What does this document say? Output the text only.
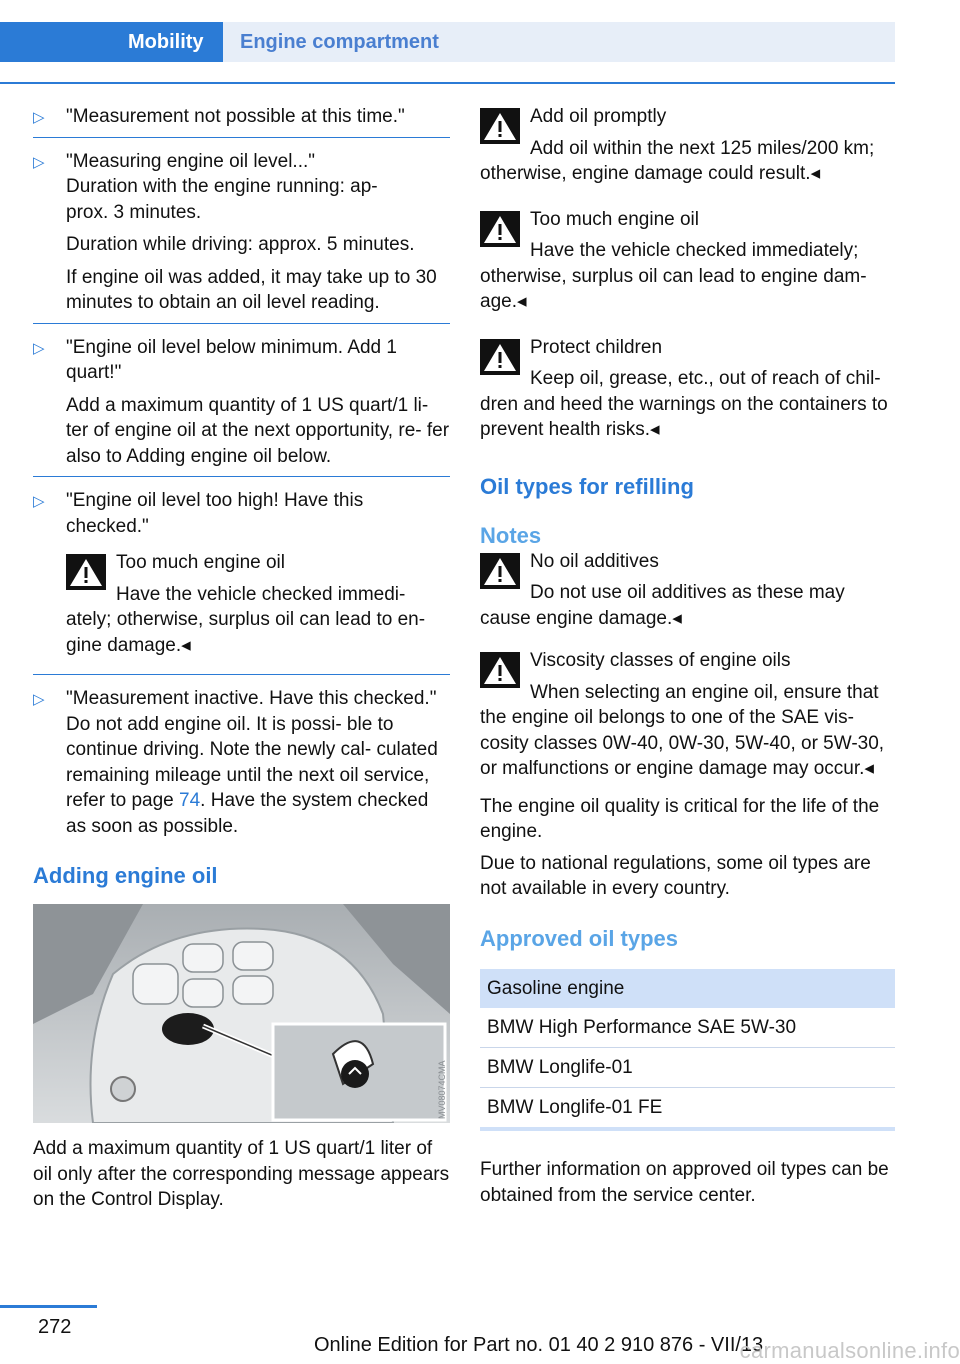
Mobility	Engine compartment
▷ "Measurement not possible at this time."

▷ "Measuring engine oil level..."

Duration with the engine running: ap-

prox. 3 minutes.

Duration while driving: approx. 5 minutes.

If engine oil was added, it may take up to 30 minutes to obtain an oil level reading.

▷ "Engine oil level below minimum. Add 1 quart!"

Add a maximum quantity of 1 US quart/1 li- ter of engine oil at the next opportunity, re- fer also to Adding engine oil below.

▷ "Engine oil level too high! Have this checked."

Too much engine oil
Have the vehicle checked immedi- ately; otherwise, surplus oil can lead to en- gine damage.◂
▷ "Measurement inactive. Have this checked." Do not add engine oil. It is possi- ble to continue driving. Note the newly cal- culated remaining mileage until the next oil service, refer to page 74. Have the system checked as soon as possible.

Adding engine oil

MV08074CMA

Add a maximum quantity of 1 US quart/1 liter of oil only after the corresponding message appears on the Control Display.

Add oil promptly
Add oil within the next 125 miles/200 km; otherwise, engine damage could result.◂
Too much engine oil
Have the vehicle checked immediately; otherwise, surplus oil can lead to engine dam- age.◂
Protect children
Keep oil, grease, etc., out of reach of chil- dren and heed the warnings on the containers to prevent health risks.◂

Oil types for refilling

Notes

No oil additives
Do not use oil additives as these may cause engine damage.◂
Viscosity classes of engine oils
When selecting an engine oil, ensure that the engine oil belongs to one of the SAE vis- cosity classes 0W-40, 0W-30, 5W-40, or 5W-30, or malfunctions or engine damage may occur.◂

The engine oil quality is critical for the life of the engine.

Due to national regulations, some oil types are not available in every country.

Approved oil types

Gasoline engine
BMW High Performance SAE 5W-30
BMW Longlife-01
BMW Longlife-01 FE

Further information on approved oil types can be obtained from the service center.

272
Online Edition for Part no. 01 40 2 910 876 - VII/13
carmanualsonline.info
